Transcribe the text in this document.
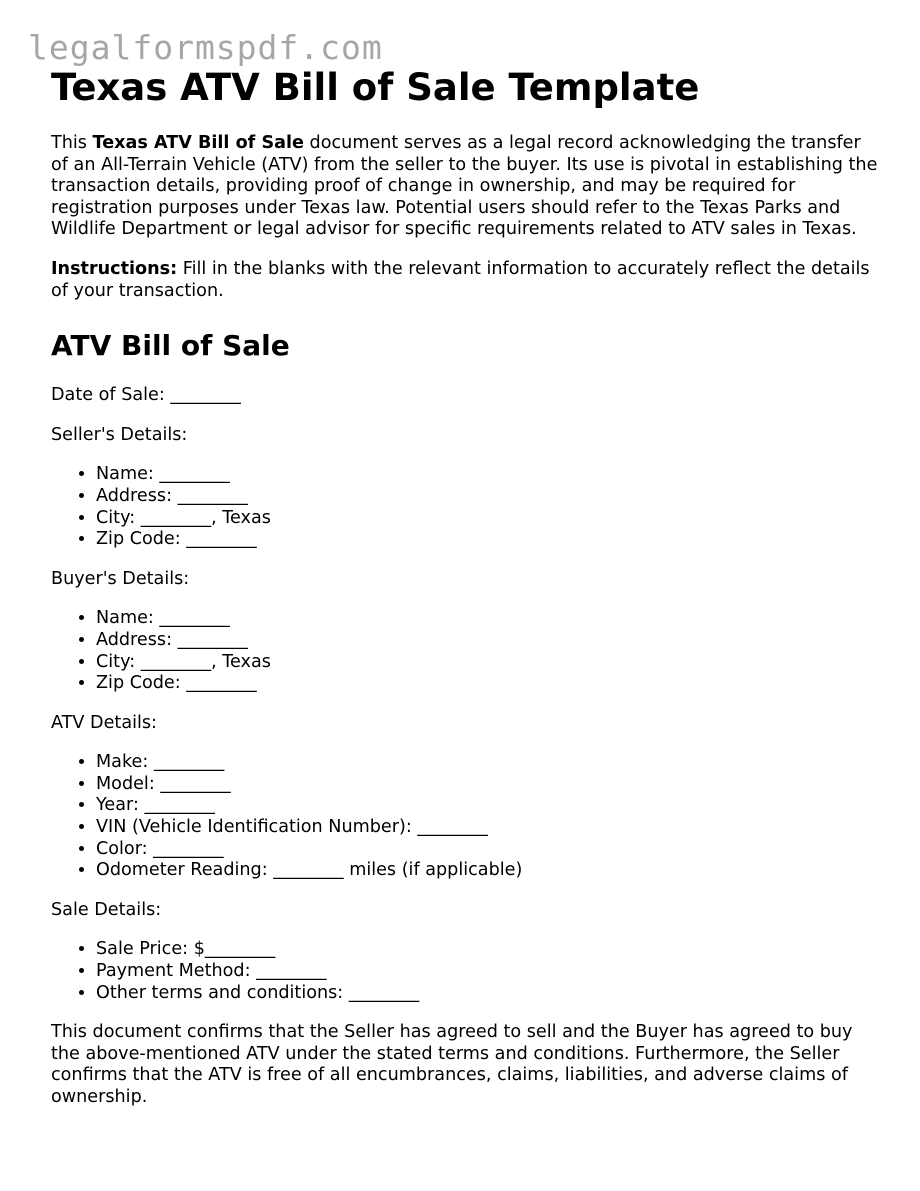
legalformspdf.com
Texas ATV Bill of Sale Template

This Texas ATV Bill of Sale document serves as a legal record acknowledging the transfer of an All-Terrain Vehicle (ATV) from the seller to the buyer. Its use is pivotal in establishing the transaction details, providing proof of change in ownership, and may be required for registration purposes under Texas law. Potential users should refer to the Texas Parks and Wildlife Department or legal advisor for specific requirements related to ATV sales in Texas.

Instructions: Fill in the blanks with the relevant information to accurately reflect the details of your transaction.

ATV Bill of Sale

Date of Sale: ________

Seller's Details:

• Name: ________
• Address: ________
• City: ________, Texas
• Zip Code: ________

Buyer's Details:

• Name: ________
• Address: ________
• City: ________, Texas
• Zip Code: ________

ATV Details:

• Make: ________
• Model: ________
• Year: ________
• VIN (Vehicle Identification Number): ________
• Color: ________
• Odometer Reading: ________ miles (if applicable)

Sale Details:

• Sale Price: $________
• Payment Method: ________
• Other terms and conditions: ________

This document confirms that the Seller has agreed to sell and the Buyer has agreed to buy the above-mentioned ATV under the stated terms and conditions. Furthermore, the Seller confirms that the ATV is free of all encumbrances, claims, liabilities, and adverse claims of ownership.
